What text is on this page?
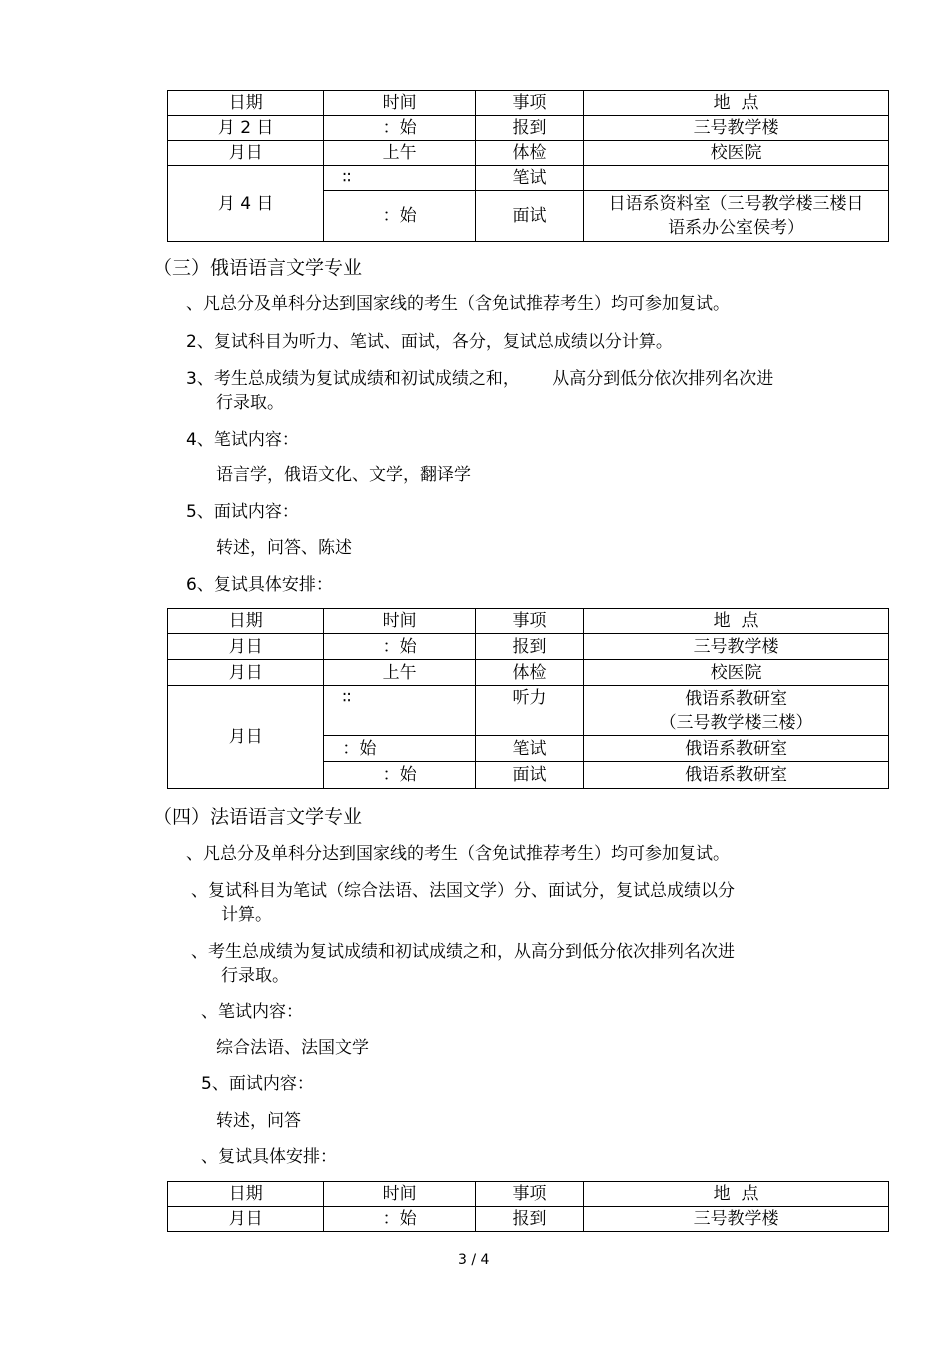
日期	时间	事项	地  点
月 2 日	：始	报到	三号教学楼
月日	上午	体检	校医院
月 4 日	∶∶	笔试	
	：始	面试	日语系资料室（三号教学楼三楼日语系办公室侯考）
（三）俄语语言文学专业
、凡总分及单科分达到国家线的考生（含免试推荐考生）均可参加复试。
2、复试科目为听力、笔试、面试，各分，复试总成绩以分计算。
3、考生总成绩为复试成绩和初试成绩之和，      从高分到低分依次排列名次进
行录取。
4、笔试内容：
语言学，俄语文化、文学，翻译学
5、面试内容：
转述，问答、陈述
6、复试具体安排：
日期	时间	事项	地  点
月日	：始	报到	三号教学楼
月日	上午	体检	校医院
月日	∶∶	听力	俄语系教研室
（三号教学楼三楼）

	：始	笔试	俄语系教研室
	：始	面试	俄语系教研室
（四）法语语言文学专业
、凡总分及单科分达到国家线的考生（含免试推荐考生）均可参加复试。
、复试科目为笔试（综合法语、法国文学）分、面试分，复试总成绩以分
计算。
、考生总成绩为复试成绩和初试成绩之和，从高分到低分依次排列名次进
行录取。
、笔试内容：
综合法语、法国文学
5、面试内容：
转述，问答
、复试具体安排：
日期	时间	事项	地  点
月日	：始	报到	三号教学楼
3 / 4
